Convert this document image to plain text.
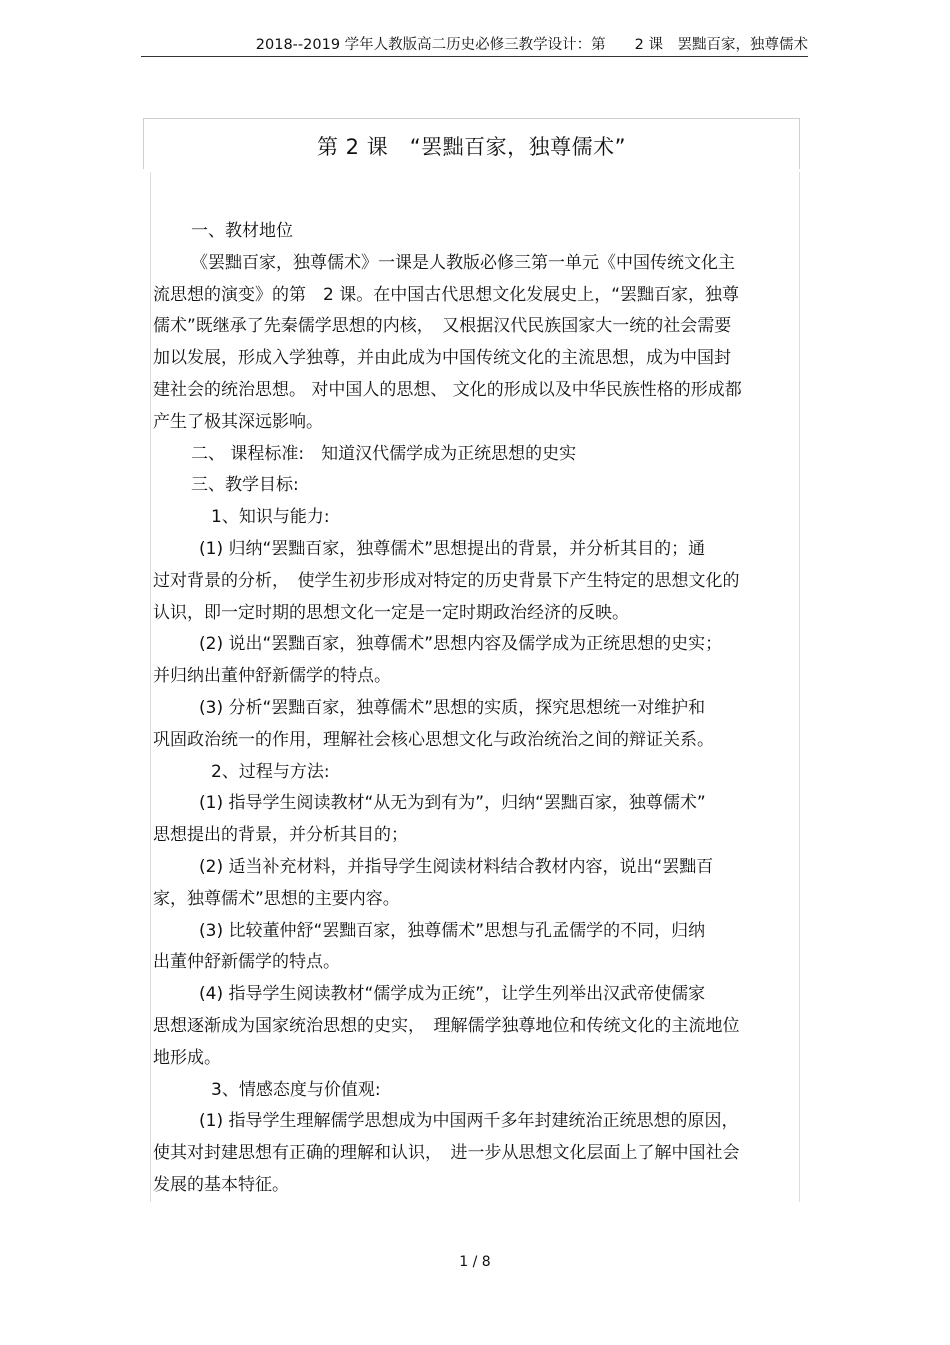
2018--2019 学年人教版高二历史必修三教学设计：第　　2 课　罢黜百家，独尊儒术
第 2 课　“罢黜百家，独尊儒术”
一、教材地位
《罢黜百家，独尊儒术》一课是人教版必修三第一单元《中国传统文化主
流思想的演变》的第　2 课。在中国古代思想文化发展史上，“罢黜百家，独尊
儒术”既继承了先秦儒学思想的内核，　又根据汉代民族国家大一统的社会需要
加以发展，形成入学独尊，并由此成为中国传统文化的主流思想，成为中国封
建社会的统治思想。 对中国人的思想、 文化的形成以及中华民族性格的形成都
产生了极其深远影响。
二、 课程标准:　知道汉代儒学成为正统思想的史实
三、教学目标:
1、知识与能力:
(1) 归纳“罢黜百家，独尊儒术”思想提出的背景，并分析其目的；通
过对背景的分析，　使学生初步形成对特定的历史背景下产生特定的思想文化的
认识，即一定时期的思想文化一定是一定时期政治经济的反映。
(2) 说出“罢黜百家，独尊儒术”思想内容及儒学成为正统思想的史实；
并归纳出董仲舒新儒学的特点。
(3) 分析“罢黜百家，独尊儒术”思想的实质，探究思想统一对维护和
巩固政治统一的作用，理解社会核心思想文化与政治统治之间的辩证关系。
2、过程与方法:
(1) 指导学生阅读教材“从无为到有为”，归纳“罢黜百家，独尊儒术”
思想提出的背景，并分析其目的；
(2) 适当补充材料，并指导学生阅读材料结合教材内容，说出“罢黜百
家，独尊儒术”思想的主要内容。
(3) 比较董仲舒“罢黜百家，独尊儒术”思想与孔孟儒学的不同，归纳
出董仲舒新儒学的特点。
(4) 指导学生阅读教材“儒学成为正统”，让学生列举出汉武帝使儒家
思想逐渐成为国家统治思想的史实，　理解儒学独尊地位和传统文化的主流地位
地形成。
3、情感态度与价值观:
(1) 指导学生理解儒学思想成为中国两千多年封建统治正统思想的原因，
使其对封建思想有正确的理解和认识，　进一步从思想文化层面上了解中国社会
发展的基本特征。
1 / 8
